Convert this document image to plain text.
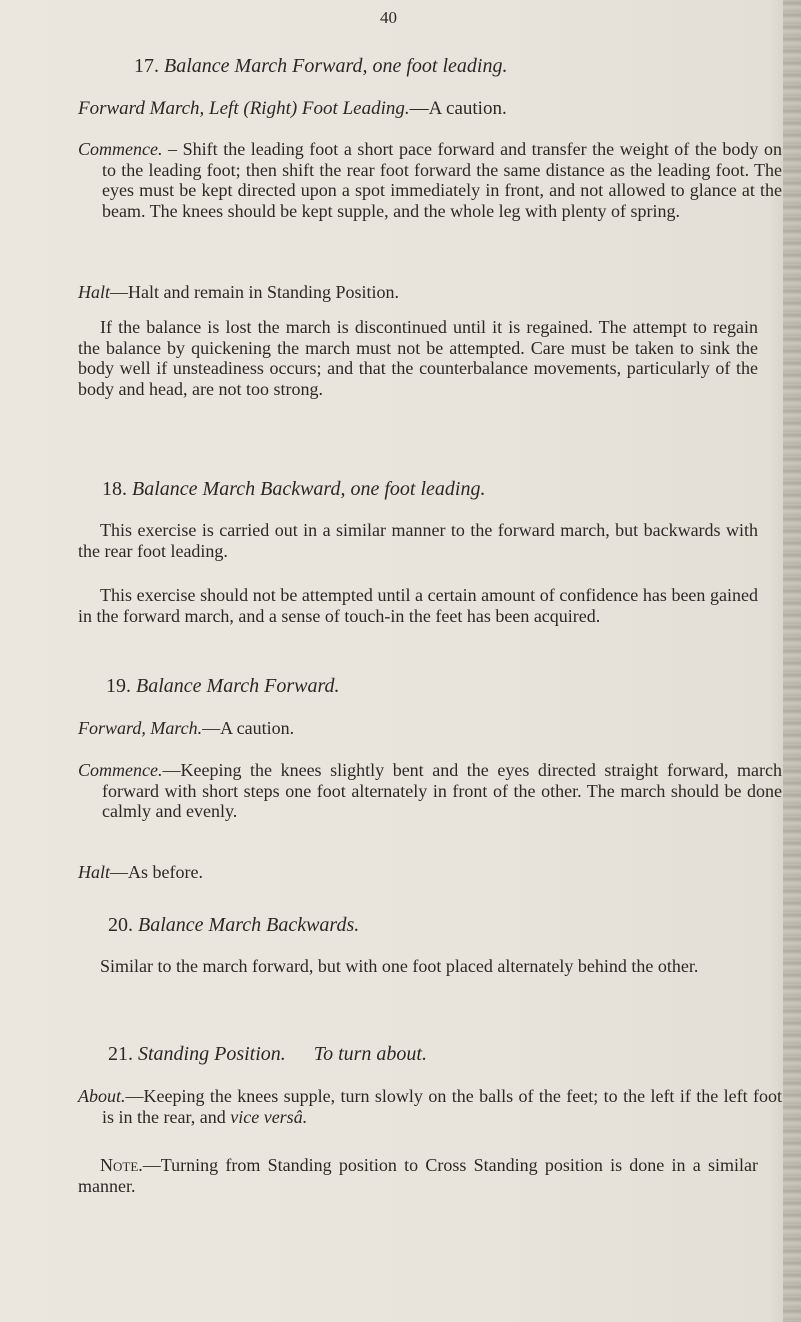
40
17. Balance March Forward, one foot leading.
Forward March, Left (Right) Foot Leading.—A caution.
Commence. – Shift the leading foot a short pace forward and transfer the weight of the body on to the leading foot; then shift the rear foot forward the same distance as the leading foot. The eyes must be kept directed upon a spot immediately in front, and not allowed to glance at the beam. The knees should be kept supple, and the whole leg with plenty of spring.
Halt—Halt and remain in Standing Position.
If the balance is lost the march is discontinued until it is regained. The attempt to regain the balance by quickening the march must not be attempted. Care must be taken to sink the body well if unsteadiness occurs; and that the counterbalance movements, particularly of the body and head, are not too strong.
18. Balance March Backward, one foot leading.
This exercise is carried out in a similar manner to the forward march, but backwards with the rear foot leading.
This exercise should not be attempted until a certain amount of confidence has been gained in the forward march, and a sense of touch-in the feet has been acquired.
19. Balance March Forward.
Forward, March.—A caution.
Commence.—Keeping the knees slightly bent and the eyes directed straight forward, march forward with short steps one foot alternately in front of the other. The march should be done calmly and evenly.
Halt—As before.
20. Balance March Backwards.
Similar to the march forward, but with one foot placed alternately behind the other.
21. Standing Position. To turn about.
About.—Keeping the knees supple, turn slowly on the balls of the feet; to the left if the left foot is in the rear, and vice versâ.
Note.—Turning from Standing position to Cross Standing position is done in a similar manner.
